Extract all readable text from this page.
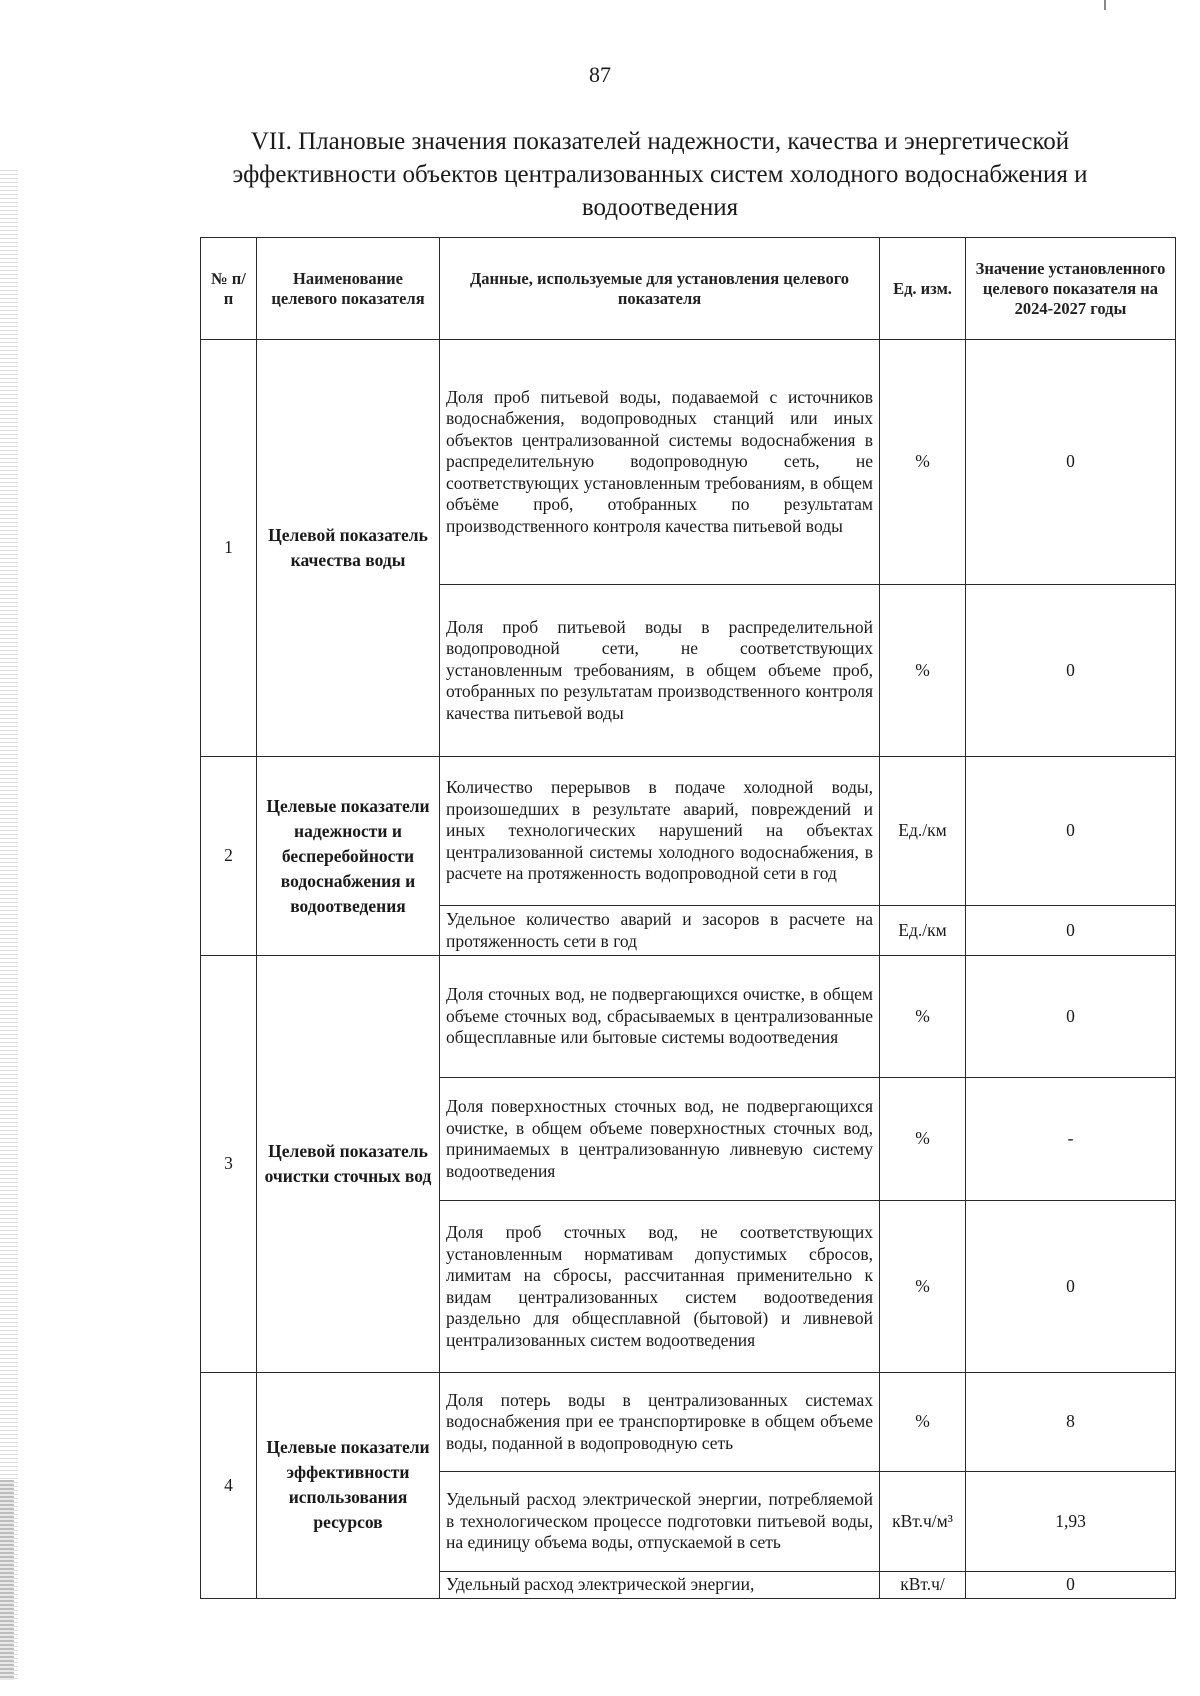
87
VII. Плановые значения показателей надежности, качества и энергетической
эффективности объектов централизованных систем холодного водоснабжения и
водоотведения
№ п/п	Наименование целевого показателя	Данные, используемые для установления целевого показателя	Ед. изм.	Значение установленного целевого показателя на 2024-2027 годы
1	Целевой показатель качества воды	Доля проб питьевой воды, подаваемой с источников водоснабжения, водопроводных станций или иных объектов централизованной системы водоснабжения в распределительную водопроводную сеть, не соответствующих установленным требованиям, в общем объёме проб, отобранных по результатам производственного контроля качества питьевой воды	%	0
		Доля проб питьевой воды в распределительной водопроводной сети, не соответствующих установленным требованиям, в общем объеме проб, отобранных по результатам производственного контроля качества питьевой воды	%	0
2	Целевые показатели надежности и бесперебойности водоснабжения и водоотведения	Количество перерывов в подаче холодной воды, произошедших в результате аварий, повреждений и иных технологических нарушений на объектах централизованной системы холодного водоснабжения, в расчете на протяженность водопроводной сети в год	Ед./км	0
		Удельное количество аварий и засоров в расчете на протяженность сети в год	Ед./км	0
3	Целевой показатель очистки сточных вод	Доля сточных вод, не подвергающихся очистке, в общем объеме сточных вод, сбрасываемых в централизованные общесплавные или бытовые системы водоотведения	%	0
		Доля поверхностных сточных вод, не подвергающихся очистке, в общем объеме поверхностных сточных вод, принимаемых в централизованную ливневую систему водоотведения	%	-
		Доля проб сточных вод, не соответствующих установленным нормативам допустимых сбросов, лимитам на сбросы, рассчитанная применительно к видам централизованных систем водоотведения раздельно для общесплавной (бытовой) и ливневой централизованных систем водоотведения	%	0
4	Целевые показатели эффективности использования ресурсов	Доля потерь воды в централизованных системах водоснабжения при ее транспортировке в общем объеме воды, поданной в водопроводную сеть	%	8
		Удельный расход электрической энергии, потребляемой в технологическом процессе подготовки питьевой воды, на единицу объема воды, отпускаемой в сеть	кВт.ч/м³	1,93
		Удельный расход электрической энергии,	кВт.ч/	0
